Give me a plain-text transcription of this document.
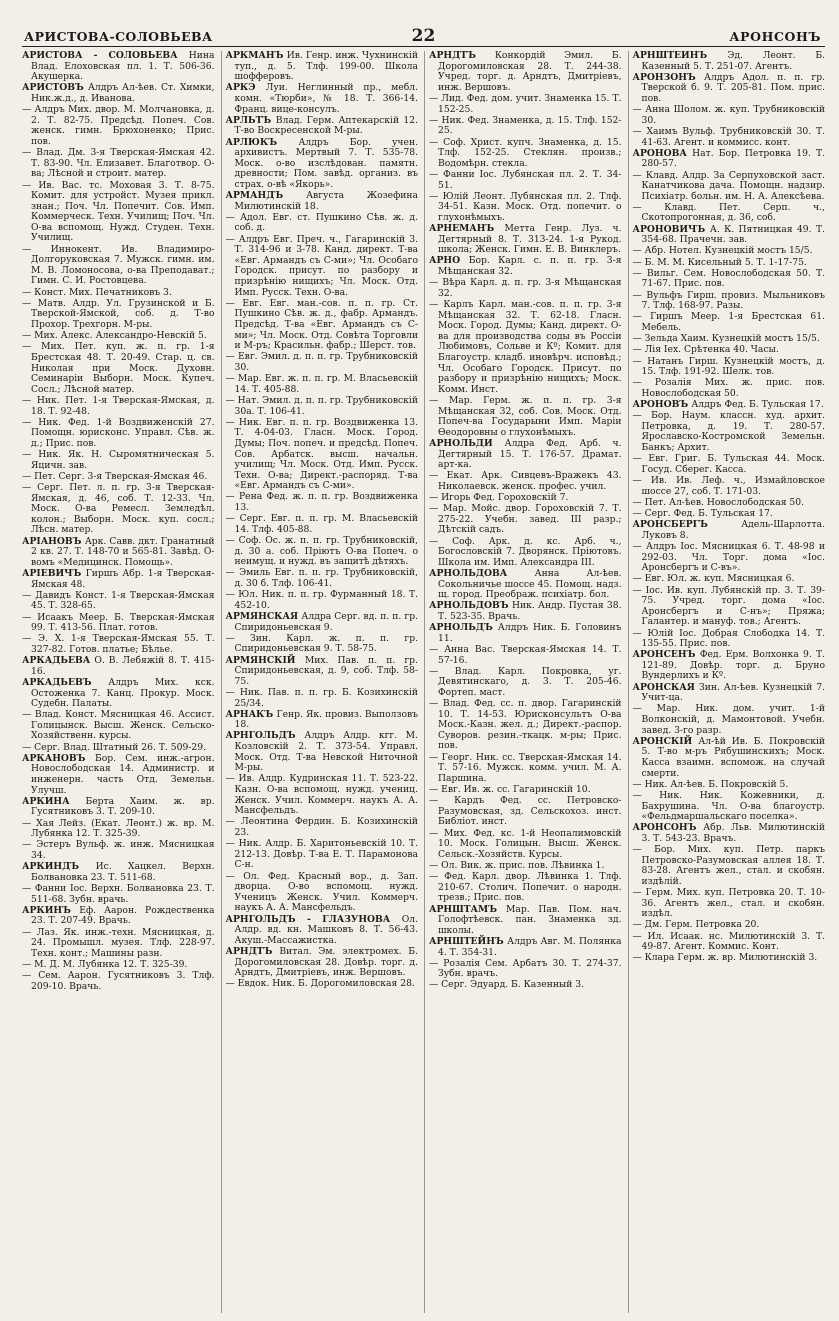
АРИСТОВА-СОЛОВЬЕВА	22	АРОНСОНЪ

АРИСТОВА - СОЛОВЬЕВА Нина Влад. Елоховская пл. 1. Т. 506-36. Акушерка.

АРИСТОВЪ Алдръ Ал-ѣев. Ст. Химки, Ник.ж.д., д. Иванова.

— Алдръ Мих. двор. М. Молчановка, д. 2. Т. 82-75. Предсѣд. Попеч. Сов. женск. гимн. Брюхоненко; Прис. пов.

— Влад. Дм. 3-я Тверская-Ямская 42. Т. 83-90. Чл. Елизавет. Благотвор. О-ва; Лѣсной и строит. матер.

— Ив. Вас. тс. Моховая 3. Т. 8-75. Комит. для устройст. Музея прикл. знан.; Поч. Чл. Попечит. Сов. Имп. Коммерческ. Техн. Училищ; Поч. Чл. О-ва вспомощ. Нужд. Студен. Техн. Училищ.

— Иннокент. Ив. Владимиро-Долгоруковская 7. Мужск. гимн. им. М. В. Ломоносова, о-ва Преподават.; Гимн. С. И. Ростовцева.

— Конст. Мих. Печатниковъ 3.

— Матв. Алдр. Ул. Грузинской и Б. Тверской-Ямской, соб. д. Т-во Прохор. Трехгорн. М-ры.

— Мих. Алекс. Александро-Невскій 5.

— Мих. Пет. куп. ж. п. гр. 1-я Брестская 48. Т. 20-49. Стар. ц. св. Николая при Моск. Духовн. Семинаріи Выборн. Моск. Купеч. Сосл.; Лѣсной матер.

— Ник. Пет. 1-я Тверская-Ямская, д. 18. Т. 92-48.

— Ник. Фед. 1-й Воздвиженскій 27. Помощн. юрисконс. Управл. Сѣв. ж. д.; Прис. пов.

— Ник. Як. Н. Сыромятническая 5. Яцичн. зав.

— Пет. Серг. 3-я Тверская-Ямская 46.

— Серг. Пет. л. п. гр. 3-я Тверская-Ямская, д. 46, соб. Т. 12-33. Чл. Моск. О-ва Ремесл. Земледѣл. колон.; Выборн. Моск. куп. сосл.; Лѣсн. матер.

АРІАНОВЪ Арк. Савв. дкт. Гранатный 2 кв. 27. Т. 148-70 и 565-81. Завѣд. О-вомъ «Медицинск. Помощь».

АРІЕВИЧЪ Гиршъ Абр. 1-я Тверская-Ямская 48.

— Давидъ Конст. 1-я Тверская-Ямская 45. Т. 328-65.

— Исаакъ Меер. Б. Тверская-Ямская 99. Т. 413-56. Плат. готов.

— Э. Х. 1-я Тверская-Ямская 55. Т. 327-82. Готов. платье; Бѣлье.

АРКАДЬЕВА О. В. Лебяжій 8. Т. 415-16.

АРКАДЬЕВЪ Алдръ Мих. кск. Остоженка 7. Канц. Прокур. Моск. Судебн. Палаты.

— Влад. Конст. Мясницкая 46. Ассист. Голицынск. Высш. Женск. Сельско-Хозяйственн. курсы.

— Серг. Влад. Штатный 26. Т. 509-29.

АРКАНОВЪ Бор. Сем. инж.-агрон. Новослободская 14. Администр. и инженерн. часть Отд. Земельн. Улучш.

АРКИНА Берта Хаим. ж. вр. Гусятниковъ 3. Т. 209-10.

— Хая Лейз. (Екат. Леонт.) ж. вр. М. Лубянка 12. Т. 325-39.

— Эстеръ Вульф. ж. инж. Мясницкая 34.

АРКИНДЪ Ис. Хацкел. Верхн. Болвановка 23. Т. 511-68.

— Фанни Іос. Верхн. Болвановка 23. Т. 511-68. Зубн. врачь.

АРКИНЪ Еф. Аарон. Рождественка 23. Т. 207-49. Врачь.

— Лаз. Як. инж.-техн. Мясницкая, д. 24. Промышл. музея. Тлф. 228-97. Техн. конт.; Машины разн.

— М. Д. М. Лубянка 12. Т. 325-39.

— Сем. Аарон. Гусятниковъ 3. Тлф. 209-10. Врачь.

АРКМАНЪ Ив. Генр. инж. Чухнинскій туп., д. 5. Тлф. 199-00. Школа шофферовъ.

АРКЭ Луи. Неглинный пр., мебл. комн. «Тюрби», № 18. Т. 366-14. Франц. вице-консулъ.

АРЛЬТЪ Влад. Герм. Аптекарскій 12. Т-во Воскресенской М-ры.

АРЛЮКЪ Алдръ Бор. учен. архивистъ. Мертвый 7. Т. 535-78. Моск. о-во изслѣдован. памятн. древности; Пом. завѣд. организ. въ страх. о-вѣ «Якорь».

АРМАНДЪ Августа Жозефина Милютинскій 18.

— Адол. Евг. ст. Пушкино Сѣв. ж. д. соб. д.

— Алдръ Евг. Преч. ч., Гагаринскій 3. Т. 314-96 и 3-78. Канд. директ. Т-ва «Евг. Армандъ съ С-ми»; Чл. Особаго Городск. присут. по разбору и призрѣнію нищихъ; Чл. Моск. Отд. Имп. Русск. Техн. О-ва.

— Евг. Евг. ман.-сов. п. п. гр. Ст. Пушкино Сѣв. ж. д., фабр. Армандъ. Предсѣд. Т-ва «Евг. Армандъ съ С-ми»; Чл. Моск. Отд. Совѣта Торговли и М-ръ; Красильн. фабр.; Шерст. тов.

— Евг. Эмил. д. п. п. гр. Трубниковскій 30.

— Мар. Евг. ж. п. п. гр. М. Власьевскій 14. Т. 405-88.

— Нат. Эмил. д. п. п. гр. Трубниковскій 30а. Т. 106-41.

— Ник. Евг. п. п. гр. Воздвиженка 13. Т. 4-04-03. Гласн. Моск. Город. Думы; Поч. попеч. и предсѣд. Попеч. Сов. Арбатск. высш. начальн. училищ; Чл. Моск. Отд. Имп. Русск. Техн. О-ва; Директ.-распоряд. Т-ва «Евг. Армандъ съ С-ми».

— Рена Фед. ж. п. п. гр. Воздвиженка 13.

— Серг. Евг. п. п. гр. М. Власьевскій 14. Тлф. 405-88.

— Соф. Ос. ж. п. п. гр. Трубниковскій, д. 30 а. соб. Пріютъ О-ва Попеч. о неимущ. и нужд. въ защитѣ дѣтяхъ.

— Эмиль Евг. п. п. гр. Трубниковскій, д. 30 б. Тлф. 106-41.

— Юл. Ник. п. п. гр. Фурманный 18. Т. 452-10.

АРМЯНСКАЯ Алдра Серг. вд. п. п. гр. Спиридоньевская 9.

— Зин. Карл. ж. п. п. гр. Спиридоньевская 9. Т. 58-75.

АРМЯНСКІЙ Мих. Пав. п. п. гр. Спиридоньевская, д. 9, соб. Тлф. 58-75.

— Ник. Пав. п. п. гр. Б. Козихинскій 25/34.

АРНАКЪ Генр. Як. провиз. Выползовъ 18.

АРНГОЛЬДЪ Алдръ Алдр. кгг. М. Козловскій 2. Т. 373-54. Управл. Моск. Отд. Т-ва Невской Ниточной М-ры.

— Ив. Алдр. Кудринская 11. Т. 523-22. Казн. О-ва вспомощ. нужд. учениц. Женск. Учил. Коммерч. наукъ А. А. Мансфельдъ.

— Леонтина Фердин. Б. Козихинскій 23.

— Ник. Алдр. Б. Харитоньевскій 10. Т. 212-13. Довѣр. Т-ва Е. Т. Парамонова С-н.

— Ол. Фед. Красный вор., д. Зап. дворца. О-во вспомощ. нужд. Ученицъ Женск. Учил. Коммерч. наукъ А. А. Мансфельдъ.

АРНГОЛЬДЪ - ГЛАЗУНОВА Ол. Алдр. вд. кн. Машковъ 8. Т. 56-43. Акуш.-Массажистка.

АРНДТЪ Витал. Эм. электромех. Б. Дорогомиловская 28. Довѣр. торг. д. Арндтъ, Дмитріевъ, инж. Вершовъ.

— Евдок. Ник. Б. Дорогомиловская 28.

АРНДТЪ Конкордій Эмил. Б. Дорогомиловская 28. Т. 244-38. Учред. торг. д. Арндтъ, Дмитріевъ, инж. Вершовъ.

— Лид. Фед. дом. учит. Знаменка 15. Т. 152-25.

— Ник. Фед. Знаменка, д. 15. Тлф. 152-25.

— Соф. Христ. купч. Знаменка, д. 15. Тлф. 152-25. Стеклян. произв.; Водомѣрн. стекла.

— Фанни Іос. Лубянская пл. 2. Т. 34-51.

— Юлій Леонт. Лубянская пл. 2. Тлф. 34-51. Казн. Моск. Отд. попечит. о глухонѣмыхъ.

АРНЕМАНЪ Метта Генр. Луз. ч. Дегтярный 8. Т. 313-24. 1-я Рукод. школа; Женск. Гимн. Е. В. Винклеръ.

АРНО Бор. Карл. с. п. п. гр. 3-я Мѣщанская 32.

— Вѣра Карл. д. п. гр. 3-я Мѣщанская 32.

— Карлъ Карл. ман.-сов. п. п. гр. 3-я Мѣщанская 32. Т. 62-18. Гласн. Моск. Город. Думы; Канд. директ. О-ва для производства соды въ Россіи Любимовъ, Сольве и Кº; Комит. для Благоустр. кладб. иновѣрч. исповѣд.; Чл. Особаго Городск. Присут. по разбору и призрѣнію нищихъ; Моск. Комм. Инст.

— Мар. Герм. ж. п. п. гр. 3-я Мѣщанская 32, соб. Сов. Моск. Отд. Попеч-ва Государыни Имп. Маріи Ѳеодоровны о глухонѣмыхъ.

АРНОЛЬДИ Алдра Фед. Арб. ч. Дегтярный 15. Т. 176-57. Драмат. арт-ка.

— Екат. Арк. Сивцевъ-Вражекъ 43. Николаевск. женск. профес. учил.

— Игорь Фед. Гороховскій 7.

— Мар. Мойс. двор. Гороховскій 7. Т. 275-22. Учебн. завед. III разр.; Дѣтскій садъ.

— Соф. Арк. д. кс. Арб. ч., Богословскій 7. Дворянск. Пріютовъ. Школа им. Имп. Александра III.

АРНОЛЬДОВА Анна Ал-ѣев. Сокольничье шоссе 45. Помощ. надз. щ. город. Преображ. психіатр. бол.

АРНОЛЬДОВЪ Ник. Андр. Пустая 38. Т. 523-35. Врачь.

АРНОЛЬДЪ Алдръ Ник. Б. Головинъ 11.

— Анна Вас. Тверская-Ямская 14. Т. 57-16.

— Влад. Карл. Покровка, уг. Девятинскаго, д. 3. Т. 205-46. Фортеп. маст.

— Влад. Фед. сс. п. двор. Гагаринскій 10. Т. 14-53. Юрисконсультъ О-ва Моск.-Казн. жел. д.; Директ.-распор. Суворов. резин.-ткацк. м-ры; Прис. пов.

— Георг. Ник. сс. Тверская-Ямская 14. Т. 57-16. Мужск. комм. учил. М. А. Паршина.

— Евг. Ив. ж. сс. Гагаринскій 10.

— Кардъ Фед. сс. Петровско-Разумовская, зд. Сельскохоз. инст. Библіот. инст.

— Мих. Фед. кс. 1-й Неопалимовскій 10. Моск. Голицын. Высш. Женск. Сельск.-Хозяйств. Курсы.

— Ол. Вик. ж. прис. пов. Лѣвинка 1.

— Фед. Карл. двор. Лѣвинка 1. Тлф. 210-67. Столич. Попечит. о народн. трезв.; Прис. пов.

АРНШТАМЪ Мар. Пав. Пом. нач. Голофтѣевск. пан. Знаменка зд. школы.

АРНШТЕЙНЪ Алдръ Авг. М. Полянка 4. Т. 354-31.

— Розалія Сем. Арбатъ 30. Т. 274-37. Зубн. врачъ.

— Серг. Эдуард. Б. Казенный 3.

АРНШТЕЙНЪ Эд. Леонт. Б. Казенный 5. Т. 251-07. Агентъ.

АРОНЗОНЪ Алдръ Адол. п. п. гр. Тверской б. 9. Т. 205-81. Пом. прис. пов.

— Анна Шолом. ж. куп. Трубниковскій 30.

— Хаимъ Вульф. Трубниковскій 30. Т. 41-63. Агент. и коммисс. конт.

АРОНОВА Нат. Бор. Петровка 19. Т. 280-57.

— Клавд. Алдр. За Серпуховской заст. Канатчикова дача. Помощн. надзир. Психіатр. больн. им. Н. А. Алексѣева.

— Клавд. Пет. Серп. ч., Скотопрогонная, д. 36, соб.

АРОНОВИЧЪ А. К. Пятницкая 49. Т. 354-68. Прачечн. зав.

— Абр. Нотел. Кузнецкій мостъ 15/5.

— Б. М. М. Кисельный 5. Т. 1-17-75.

— Вильг. Сем. Новослободская 50. Т. 71-67. Прис. пов.

— Вульфъ Гирш. провиз. Мыльниковъ 7. Тлф. 168-97. Разы.

— Гиршъ Меер. 1-я Брестская 61. Мебель.

— Зельда Хаим. Кузнецкій мостъ 15/5.

— Лія Іех. Срѣтенка 40. Часы.

— Натанъ Гирш. Кузнецкій мостъ, д. 15. Тлф. 191-92. Шелк. тов.

— Розалія Мих. ж. прис. пов. Новослободская 50.

АРОНОВЪ Алдръ Фед. Б. Тульская 17.

— Бор. Наум. классн. худ. архит. Петровка, д. 19. Т. 280-57. Ярославско-Костромской Земельн. Банкъ; Архит.

— Евг. Григ. Б. Тульская 44. Моск. Госуд. Сберег. Касса.

— Ив. Ив. Леф. ч., Измайловское шоссе 27, соб. Т. 171-03.

— Пет. Ал-ѣев. Новослободская 50.

— Серг. Фед. Б. Тульская 17.

АРОНСБЕРГЪ Адель-Шарлотта. Луковъ 8.

— Алдръ Іос. Мясницкая 6. Т. 48-98 и 292-03. Чл. Торг. дома «Іос. Аронсбергъ и С-въ».

— Евг. Юл. ж. куп. Мясницкая 6.

— Іос. Ив. куп. Лубянскій пр. 3. Т. 39-75. Учред. торг. дома «Іос. Аронсбергъ и С-нъ»; Пряжа; Галантер. и мануф. тов.; Агентъ.

— Юлій Іос. Добрая Слободка 14. Т. 135-55. Прис. пов.

АРОНСЕНЪ Фед. Ерм. Волхонка 9. Т. 121-89. Довѣр. торг. д. Бруно Вундерлихъ и Кº.

АРОНСКАЯ Зин. Ал-ѣев. Кузнецкій 7. Учит-ца.

— Мар. Ник. дом. учит. 1-й Волконскій, д. Мамонтовой. Учебн. завед. 3-го разр.

АРОНСКІЙ Ал-ѣй Ив. Б. Покровскій 5. Т-во м-ръ Рябушинскихъ; Моск. Касса взаимн. вспомож. на случай смерти.

— Ник. Ал-ѣев. Б. Покровскій 5.

— Ник. Ник. Кожевники, д. Бахрушина. Чл. О-ва благоустр. «Фельдмаршальскаго поселка».

АРОНСОНЪ Абр. Льв. Милютинскій 3. Т. 543-23. Врачъ.

— Бор. Мих. куп. Петр. паркъ Петровско-Разумовская аллея 18. Т. 83-28. Агентъ жел., стал. и скобян. издѣлій.

— Герм. Мих. куп. Петровка 20. Т. 10-36. Агентъ жел., стал. и скобян. издѣл.

— Дм. Герм. Петровка 20.

— Ил. Исаак. нс. Милютинскій 3. Т. 49-87. Агент. Коммис. Конт.

— Клара Герм. ж. вр. Милютинскій 3.
